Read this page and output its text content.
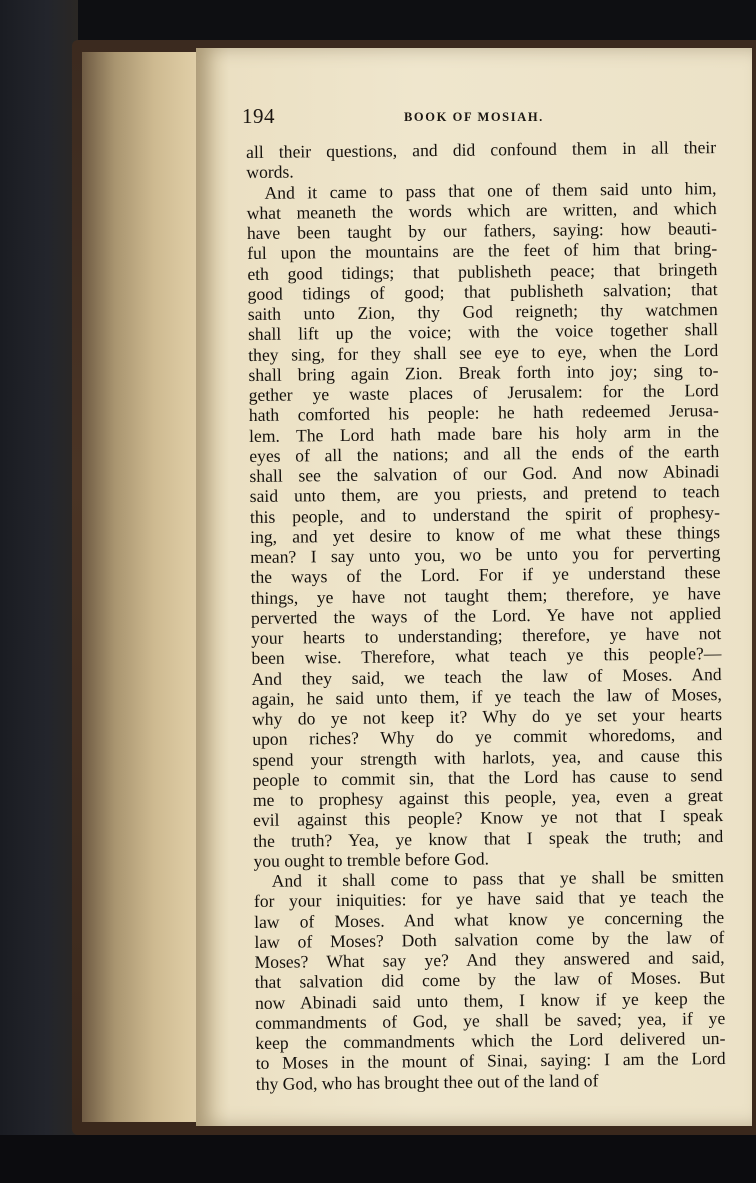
194	BOOK OF MOSIAH.
all their questions, and did confound them in all their
words.
And it came to pass that one of them said unto him,
what meaneth the words which are written, and which
have been taught by our fathers, saying: how beauti-
ful upon the mountains are the feet of him that bring-
eth good tidings; that publisheth peace; that bringeth
good tidings of good; that publisheth salvation; that
saith unto Zion, thy God reigneth; thy watchmen
shall lift up the voice; with the voice together shall
they sing, for they shall see eye to eye, when the Lord
shall bring again Zion. Break forth into joy; sing to-
gether ye waste places of Jerusalem: for the Lord
hath comforted his people: he hath redeemed Jerusa-
lem. The Lord hath made bare his holy arm in the
eyes of all the nations; and all the ends of the earth
shall see the salvation of our God. And now Abinadi
said unto them, are you priests, and pretend to teach
this people, and to understand the spirit of prophesy-
ing, and yet desire to know of me what these things
mean? I say unto you, wo be unto you for perverting
the ways of the Lord. For if ye understand these
things, ye have not taught them; therefore, ye have
perverted the ways of the Lord. Ye have not applied
your hearts to understanding; therefore, ye have not
been wise. Therefore, what teach ye this people?—
And they said, we teach the law of Moses. And
again, he said unto them, if ye teach the law of Moses,
why do ye not keep it? Why do ye set your hearts
upon riches? Why do ye commit whoredoms, and
spend your strength with harlots, yea, and cause this
people to commit sin, that the Lord has cause to send
me to prophesy against this people, yea, even a great
evil against this people? Know ye not that I speak
the truth? Yea, ye know that I speak the truth; and
you ought to tremble before God.
And it shall come to pass that ye shall be smitten
for your iniquities: for ye have said that ye teach the
law of Moses. And what know ye concerning the
law of Moses? Doth salvation come by the law of
Moses? What say ye? And they answered and said,
that salvation did come by the law of Moses. But
now Abinadi said unto them, I know if ye keep the
commandments of God, ye shall be saved; yea, if ye
keep the commandments which the Lord delivered un-
to Moses in the mount of Sinai, saying: I am the Lord
thy God, who has brought thee out of the land of
